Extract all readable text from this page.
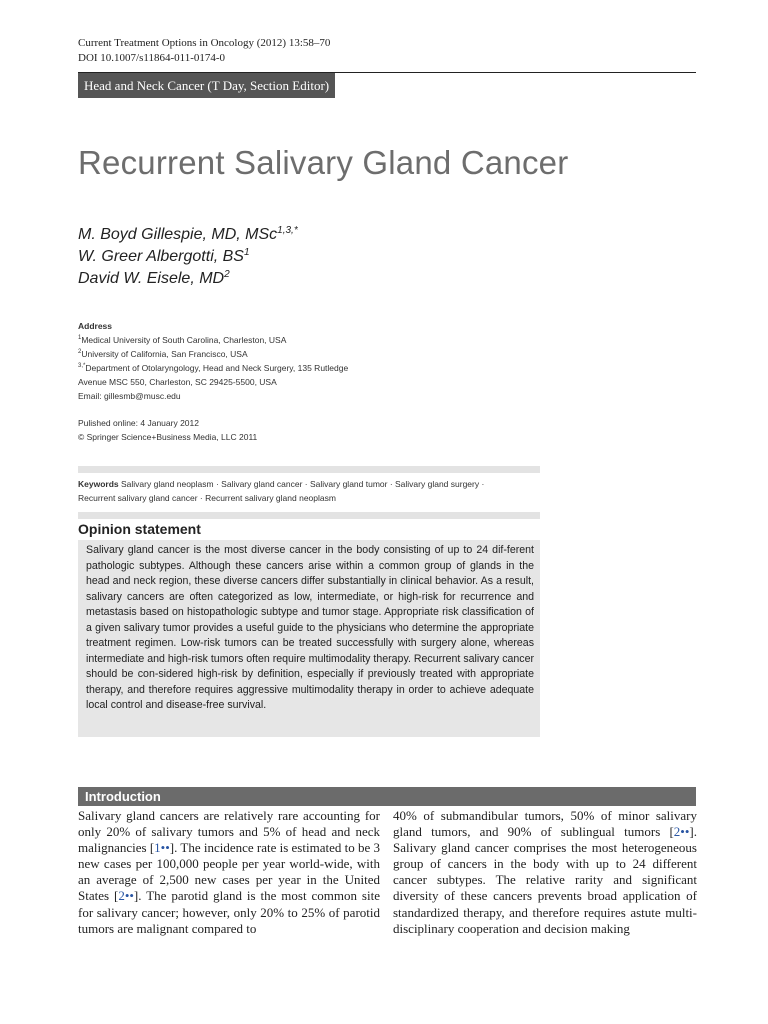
Current Treatment Options in Oncology (2012) 13:58–70
DOI 10.1007/s11864-011-0174-0
Head and Neck Cancer (T Day, Section Editor)
Recurrent Salivary Gland Cancer
M. Boyd Gillespie, MD, MSc$^{1,3,*}$
W. Greer Albergotti, $BS^1$
David W. Eisele, $MD^2$
Address
$^1$Medical University of South Carolina, Charleston, USA
$^2$University of California, San Francisco, USA
$^{3,*}$Department of Otolaryngology, Head and Neck Surgery, 135 Rutledge
Avenue MSC 550, Charleston, SC 29425-5500, USA
Email: gillesmb@musc.edu
Pulished online: 4 January 2012
© Springer Science+Business Media, LLC 2011
Keywords Salivary gland neoplasm · Salivary gland cancer · Salivary gland tumor · Salivary gland surgery ·
Recurrent salivary gland cancer · Recurrent salivary gland neoplasm
Opinion statement
Salivary gland cancer is the most diverse cancer in the body consisting of up to 24 dif-ferent pathologic subtypes. Although these cancers arise within a common group of glands in the head and neck region, these diverse cancers differ substantially in clinical behavior. As a result, salivary cancers are often categorized as low, intermediate, or high-risk for recurrence and metastasis based on histopathologic subtype and tumor stage. Appropriate risk classification of a given salivary tumor provides a useful guide to the physicians who determine the appropriate treatment regimen. Low-risk tumors can be treated successfully with surgery alone, whereas intermediate and high-risk tumors often require multimodality therapy. Recurrent salivary cancer should be con-sidered high-risk by definition, especially if previously treated with appropriate therapy, and therefore requires aggressive multimodality therapy in order to achieve adequate local control and disease-free survival.
Introduction
Salivary gland cancers are relatively rare accounting for only 20% of salivary tumors and 5% of head and neck malignancies [1••]. The incidence rate is estimated to be 3 new cases per 100,000 people per year world-wide, with an average of 2,500 new cases per year in the United States [2••]. The parotid gland is the most common site for salivary cancer; however, only 20% to 25% of parotid tumors are malignant compared to
40% of submandibular tumors, 50% of minor salivary gland tumors, and 90% of sublingual tumors [2••]. Salivary gland cancer comprises the most heterogeneous group of cancers in the body with up to 24 different cancer subtypes. The relative rarity and significant diversity of these cancers prevents broad application of standardized therapy, and therefore requires astute multi-disciplinary cooperation and decision making
